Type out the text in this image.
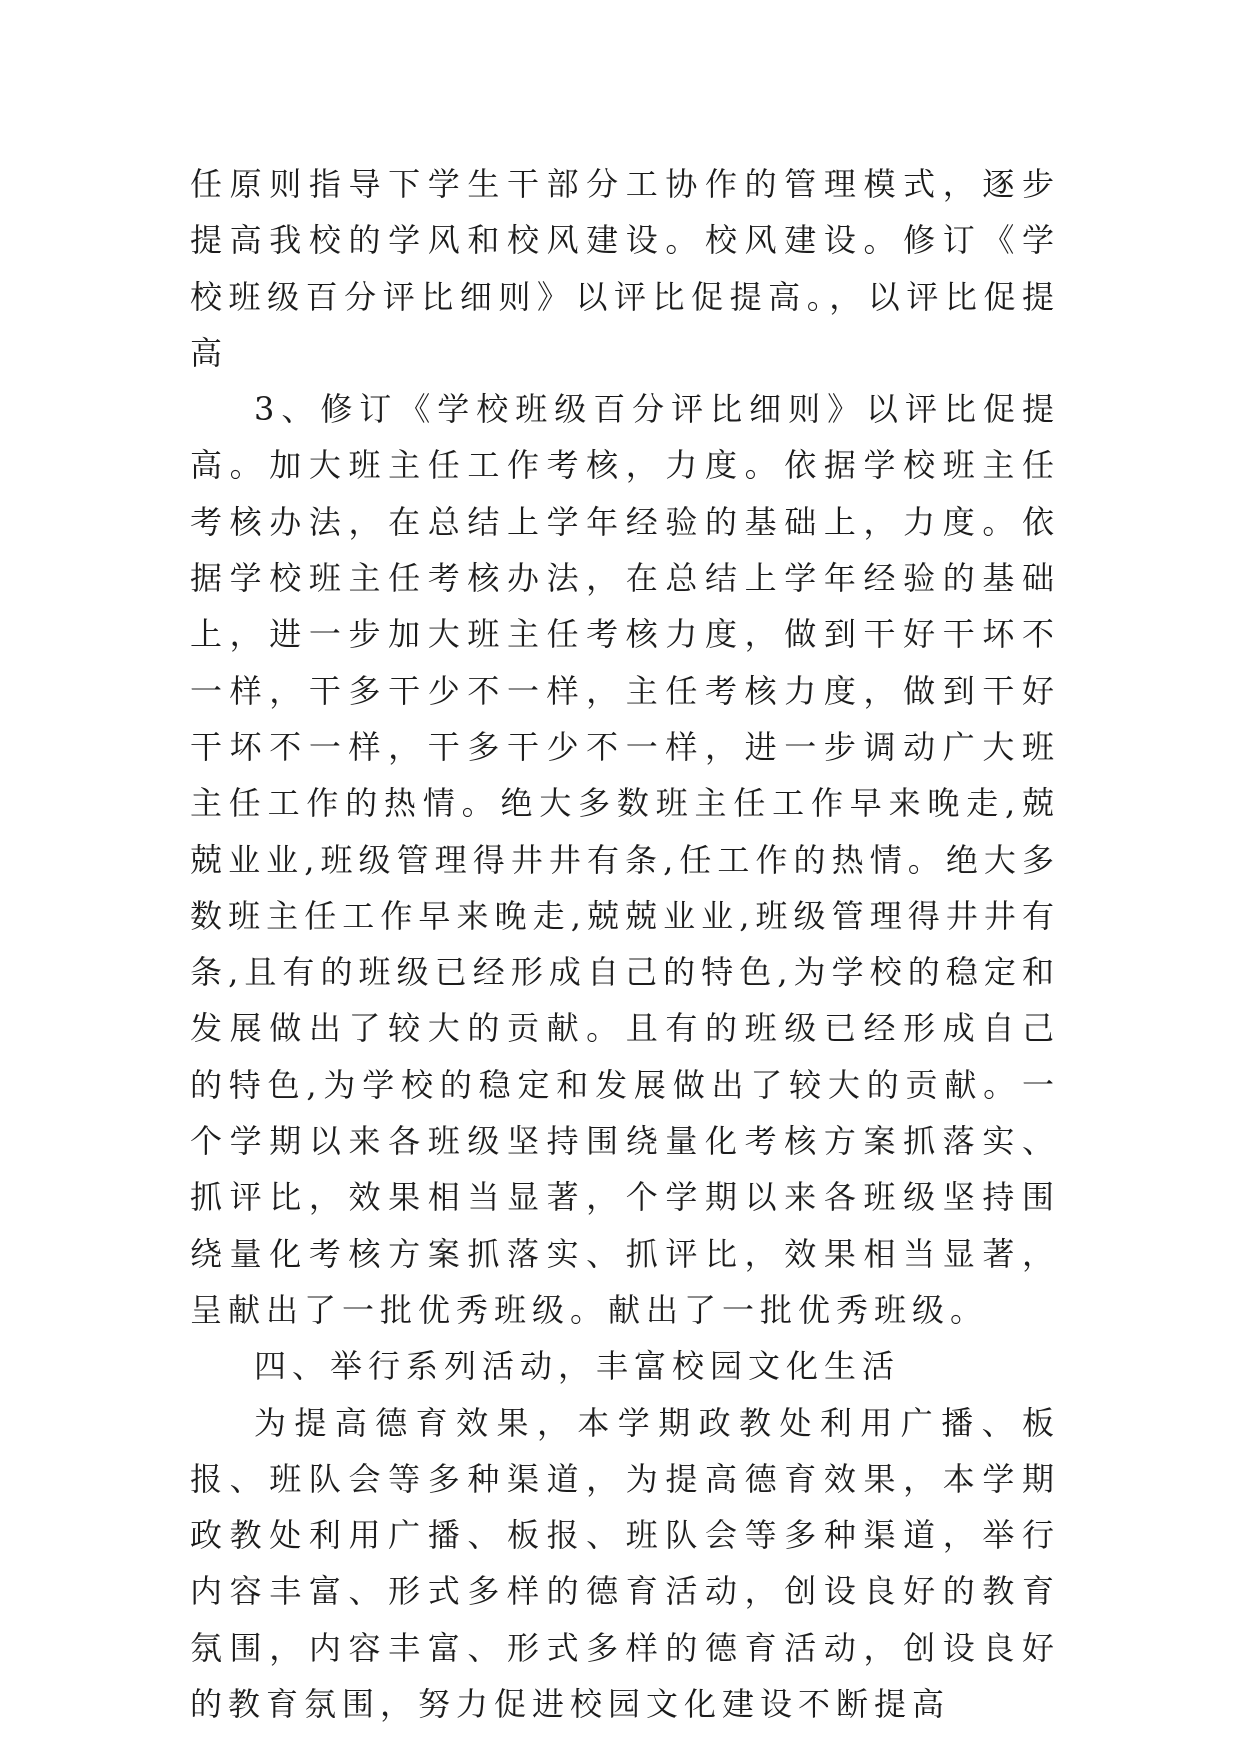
任原则指导下学生干部分工协作的管理模式，逐步提高我校的学风和校风建设。校风建设。修订《学校班级百分评比细则》以评比促提高。，以评比促提高

3、修订《学校班级百分评比细则》以评比促提高。加大班主任工作考核，力度。依据学校班主任考核办法，在总结上学年经验的基础上，力度。依据学校班主任考核办法，在总结上学年经验的基础上，进一步加大班主任考核力度，做到干好干坏不一样，干多干少不一样，主任考核力度，做到干好干坏不一样，干多干少不一样，进一步调动广大班主任工作的热情。绝大多数班主任工作早来晚走,兢兢业业,班级管理得井井有条,任工作的热情。绝大多数班主任工作早来晚走,兢兢业业,班级管理得井井有条,且有的班级已经形成自己的特色,为学校的稳定和发展做出了较大的贡献。且有的班级已经形成自己的特色,为学校的稳定和发展做出了较大的贡献。一个学期以来各班级坚持围绕量化考核方案抓落实、抓评比，效果相当显著，个学期以来各班级坚持围绕量化考核方案抓落实、抓评比，效果相当显著，呈献出了一批优秀班级。献出了一批优秀班级。

四、举行系列活动，丰富校园文化生活

为提高德育效果，本学期政教处利用广播、板报、班队会等多种渠道，为提高德育效果，本学期政教处利用广播、板报、班队会等多种渠道，举行内容丰富、形式多样的德育活动，创设良好的教育氛围，内容丰富、形式多样的德育活动，创设良好的教育氛围，努力促进校园文化建设不断提高
